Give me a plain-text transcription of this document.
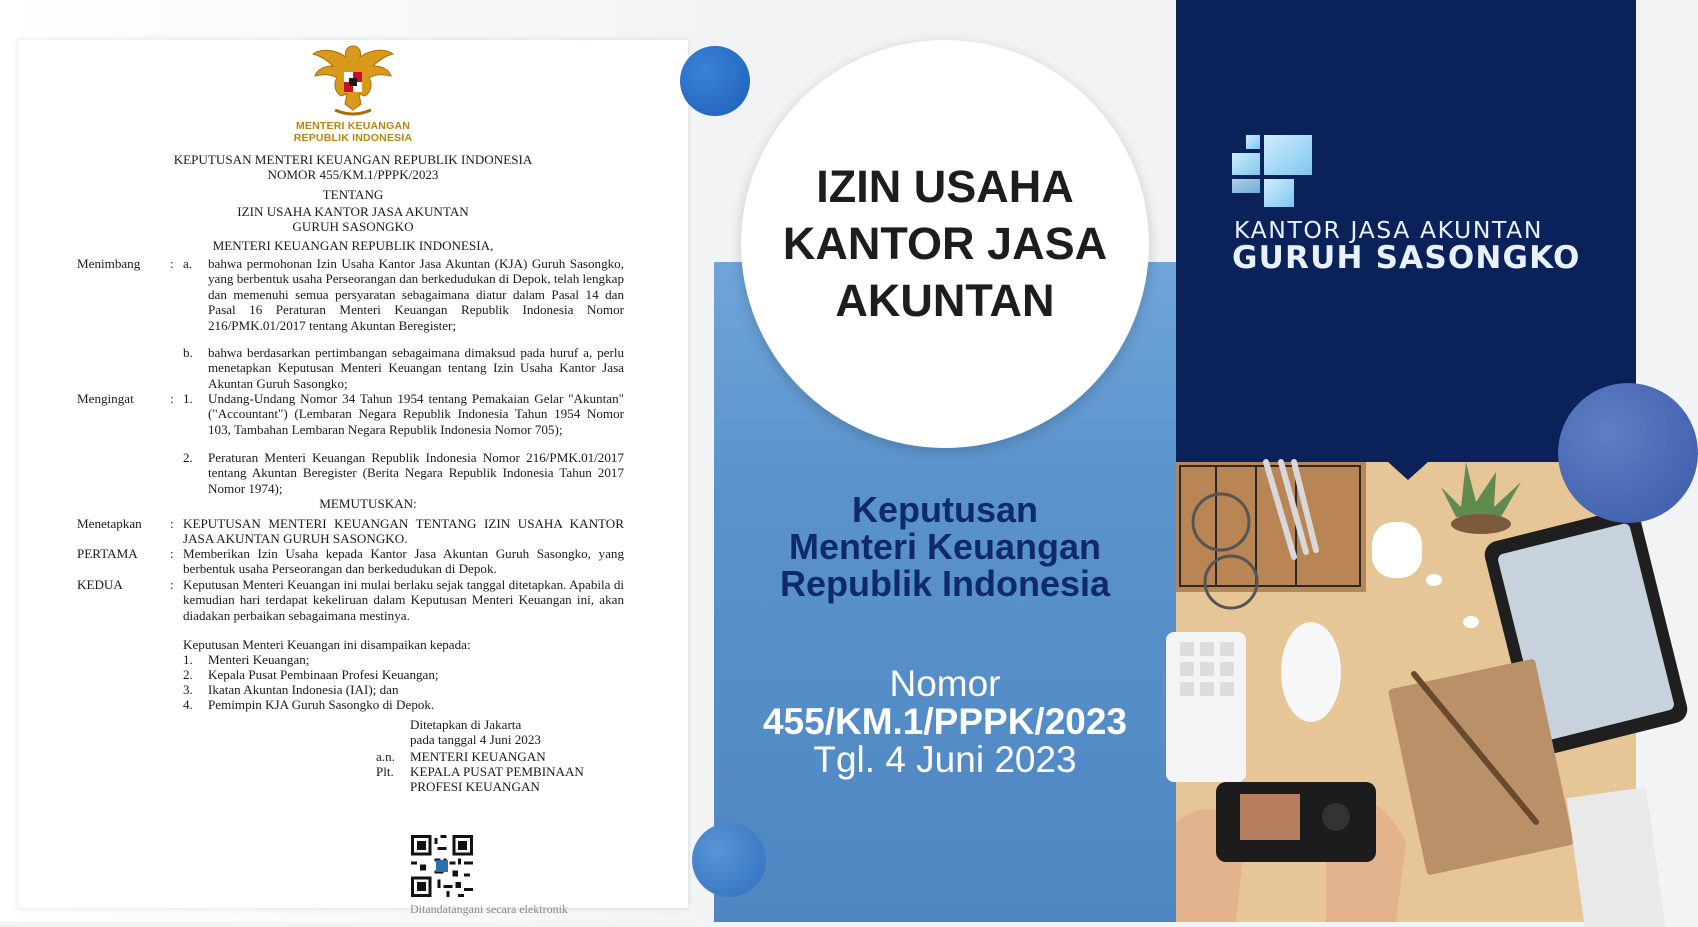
MENTERI KEUANGAN
REPUBLIK INDONESIA
KEPUTUSAN MENTERI KEUANGAN REPUBLIK INDONESIA
NOMOR 455/KM.1/PPPK/2023
TENTANG
IZIN USAHA KANTOR JASA AKUNTAN
GURUH SASONGKO
MENTERI KEUANGAN REPUBLIK INDONESIA,
Menimbang : a. bahwa permohonan Izin Usaha Kantor Jasa Akuntan (KJA) Guruh Sasongko, yang berbentuk usaha Perseorangan dan berkedudukan di Depok, telah lengkap dan memenuhi semua persyaratan sebagaimana diatur dalam Pasal 14 dan Pasal 16 Peraturan Menteri Keuangan Republik Indonesia Nomor 216/PMK.01/2017 tentang Akuntan Beregister;
b. bahwa berdasarkan pertimbangan sebagaimana dimaksud pada huruf a, perlu menetapkan Keputusan Menteri Keuangan tentang Izin Usaha Kantor Jasa Akuntan Guruh Sasongko;
Mengingat	: 1. Undang-Undang Nomor 34 Tahun 1954 tentang Pemakaian Gelar "Akuntan" ("Accountant") (Lembaran Negara Republik Indonesia Tahun 1954 Nomor 103, Tambahan Lembaran Negara Republik Indonesia Nomor 705);
2. Peraturan Menteri Keuangan Republik Indonesia Nomor 216/PMK.01/2017 tentang Akuntan Beregister (Berita Negara Republik Indonesia Tahun 2017 Nomor 1974);
MEMUTUSKAN:
Menetapkan : KEPUTUSAN MENTERI KEUANGAN TENTANG IZIN USAHA KANTOR JASA AKUNTAN GURUH SASONGKO.
PERTAMA : Memberikan Izin Usaha kepada Kantor Jasa Akuntan Guruh Sasongko, yang berbentuk usaha Perseorangan dan berkedudukan di Depok.
KEDUA	: Keputusan Menteri Keuangan ini mulai berlaku sejak tanggal ditetapkan. Apabila di kemudian hari terdapat kekeliruan dalam Keputusan Menteri Keuangan ini, akan diadakan perbaikan sebagaimana mestinya.
Keputusan Menteri Keuangan ini disampaikan kepada:
1. Menteri Keuangan;
2. Kepala Pusat Pembinaan Profesi Keuangan;
3. Ikatan Akuntan Indonesia (IAI); dan
4. Pemimpin KJA Guruh Sasongko di Depok.
Ditetapkan di Jakarta
pada tanggal 4 Juni 2023
a.n.
Plt.
MENTERI KEUANGAN
KEPALA PUSAT PEMBINAAN
PROFESI KEUANGAN
Ditandatangani secara elektronik
IZIN USAHA
KANTOR JASA
AKUNTAN
Keputusan
Menteri Keuangan
Republik Indonesia
Nomor
455/KM.1/PPPK/2023
Tgl. 4 Juni 2023
KANTOR JASA AKUNTAN
GURUH SASONGKO
